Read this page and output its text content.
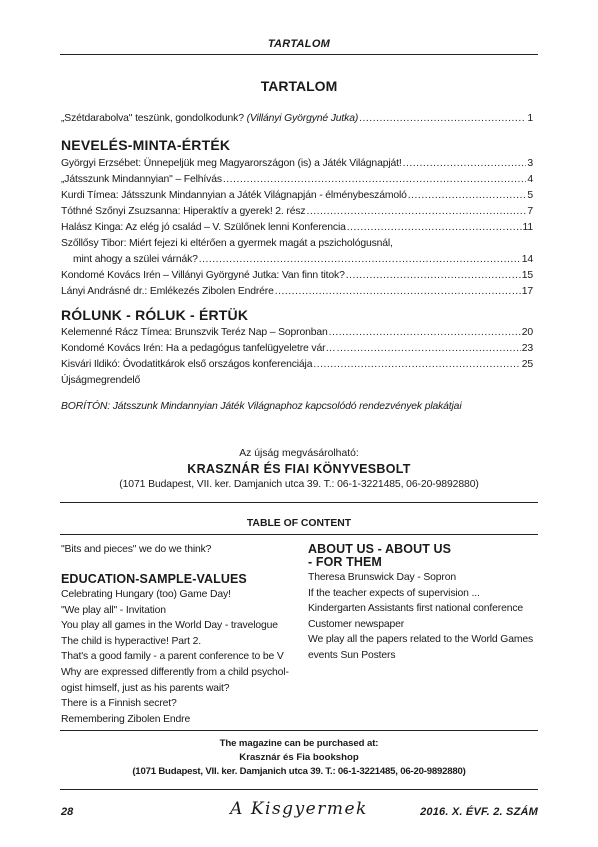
TARTALOM
TARTALOM
„Szétdarabolva" teszünk, gondolkodunk? (Villányi Györgyné Jutka) .....	1
NEVELÉS-MINTA-ÉRTÉK
Györgyi Erzsébet: Ünnepeljük meg Magyarországon (is) a Játék Világnapját! .....	3
„Játsszunk Mindannyian" – Felhívás .....	4
Kurdi Tímea: Játsszunk Mindannyian a Játék Világnapján - élménybeszámoló .....	5
Tóthné Szőnyi Zsuzsanna: Hiperaktív a gyerek! 2. rész .....	7
Halász Kinga: Az elég jó család – V. Szülőnek lenni Konferencia .....	11
Szőllősy Tibor: Miért fejezi ki eltérően a gyermek magát a pszichológusnál,
mint ahogy a szülei várnák? .....	14
Kondomé Kovács Irén – Villányi Györgyné Jutka: Van finn titok? .....	15
Lányi Andrásné dr.: Emlékezés Zibolen Endrére .....	17
RÓLUNK - RÓLUK - ÉRTÜK
Kelemenné Rácz Tímea: Brunszvik Teréz Nap – Sopronban .....	20
Kondomé Kovács Irén: Ha a pedagógus tanfelügyeletre vár… .....	23
Kisvári Ildikó: Óvodatitkárok első országos konferenciája .....	25
Újságmegrendelő
BORÍTÓN: Játsszunk Mindannyian Játék Világnaphoz kapcsolódó rendezvények plakátjai
Az újság megvásárolható:
KRASZNÁR ÉS FIAI KÖNYVESBOLT
(1071 Budapest, VII. ker. Damjanich utca 39. T.: 06-1-3221485, 06-20-9892880)
TABLE OF CONTENT
"Bits and pieces" we do we think?
EDUCATION-SAMPLE-VALUES
Celebrating Hungary (too) Game Day!
"We play all" - Invitation
You play all games in the World Day - travelogue
The child is hyperactive! Part 2.
That's a good family - a parent conference to be V
Why are expressed differently from a child psychol-
ogist himself, just as his parents wait?
There is a Finnish secret?
Remembering Zibolen Endre
ABOUT US - ABOUT US
- FOR THEM
Theresa Brunswick Day - Sopron
If the teacher expects of supervision ...
Kindergarten Assistants first national conference
Customer newspaper
We play all the papers related to the World Games
events Sun Posters
The magazine can be purchased at:
Krasznár és Fia bookshop
(1071 Budapest, VII. ker. Damjanich utca 39. T.: 06-1-3221485, 06-20-9892880)
28	A Kisgyermek	2016. X. ÉVF. 2. SZÁM
